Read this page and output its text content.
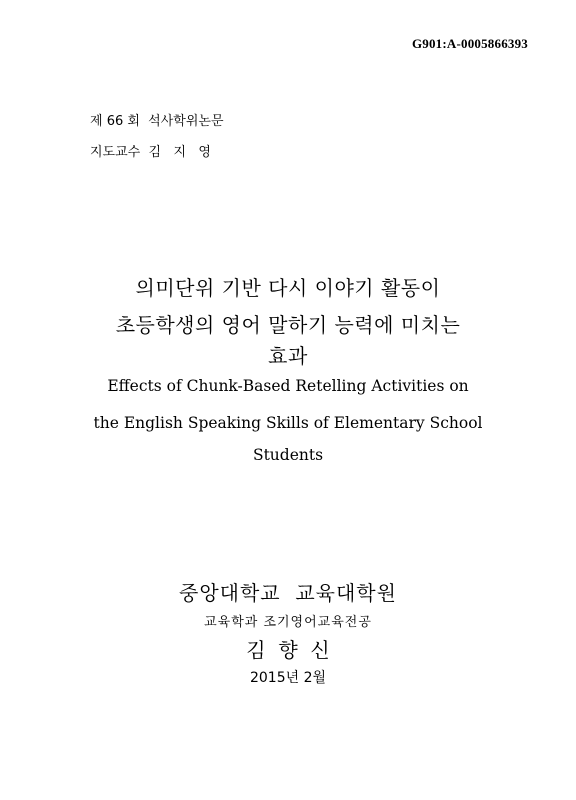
G901:A-0005866393
제 66 회  석사학위논문
지도교수  김   지   영
의미단위 기반 다시 이야기 활동이
초등학생의 영어 말하기 능력에 미치는
효과
Effects of Chunk-Based Retelling Activities on
the English Speaking Skills of Elementary School
Students
중앙대학교  교육대학원
교육학과 조기영어교육전공
김  향  신
2015년 2월
